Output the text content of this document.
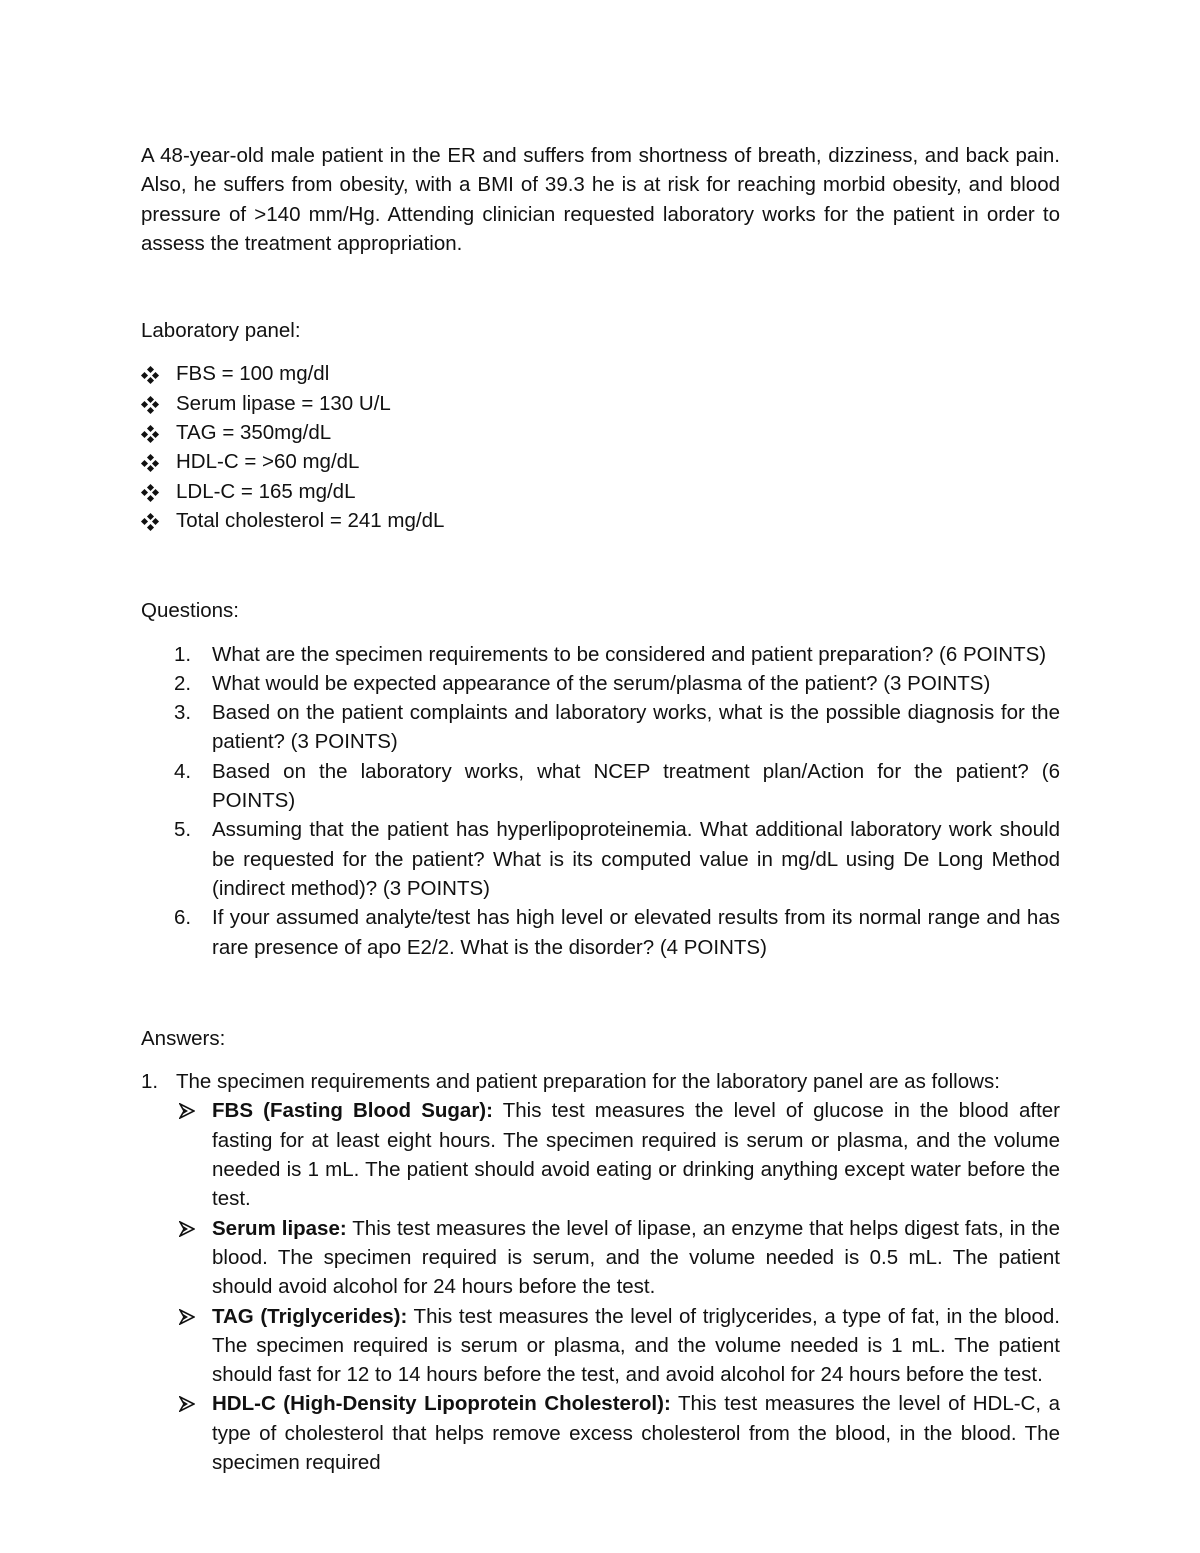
A 48-year-old male patient in the ER and suffers from shortness of breath, dizziness, and back pain. Also, he suffers from obesity, with a BMI of 39.3 he is at risk for reaching morbid obesity, and blood pressure of >140 mm/Hg. Attending clinician requested laboratory works for the patient in order to assess the treatment appropriation.

Laboratory panel:

FBS = 100 mg/dl
Serum lipase = 130 U/L
TAG = 350mg/dL
HDL-C = >60 mg/dL
LDL-C = 165 mg/dL
Total cholesterol = 241 mg/dL

Questions:

1. What are the specimen requirements to be considered and patient preparation? (6 POINTS)
2. What would be expected appearance of the serum/plasma of the patient? (3 POINTS)
3. Based on the patient complaints and laboratory works, what is the possible diagnosis for the patient? (3 POINTS)
4. Based on the laboratory works, what NCEP treatment plan/Action for the patient? (6 POINTS)
5. Assuming that the patient has hyperlipoproteinemia. What additional laboratory work should be requested for the patient? What is its computed value in mg/dL using De Long Method (indirect method)? (3 POINTS)
6. If your assumed analyte/test has high level or elevated results from its normal range and has rare presence of apo E2/2. What is the disorder? (4 POINTS)

Answers:

1. The specimen requirements and patient preparation for the laboratory panel are as follows:
FBS (Fasting Blood Sugar): This test measures the level of glucose in the blood after fasting for at least eight hours. The specimen required is serum or plasma, and the volume needed is 1 mL. The patient should avoid eating or drinking anything except water before the test.
Serum lipase: This test measures the level of lipase, an enzyme that helps digest fats, in the blood. The specimen required is serum, and the volume needed is 0.5 mL. The patient should avoid alcohol for 24 hours before the test.
TAG (Triglycerides): This test measures the level of triglycerides, a type of fat, in the blood. The specimen required is serum or plasma, and the volume needed is 1 mL. The patient should fast for 12 to 14 hours before the test, and avoid alcohol for 24 hours before the test.
HDL-C (High-Density Lipoprotein Cholesterol): This test measures the level of HDL-C, a type of cholesterol that helps remove excess cholesterol from the blood, in the blood. The specimen required
